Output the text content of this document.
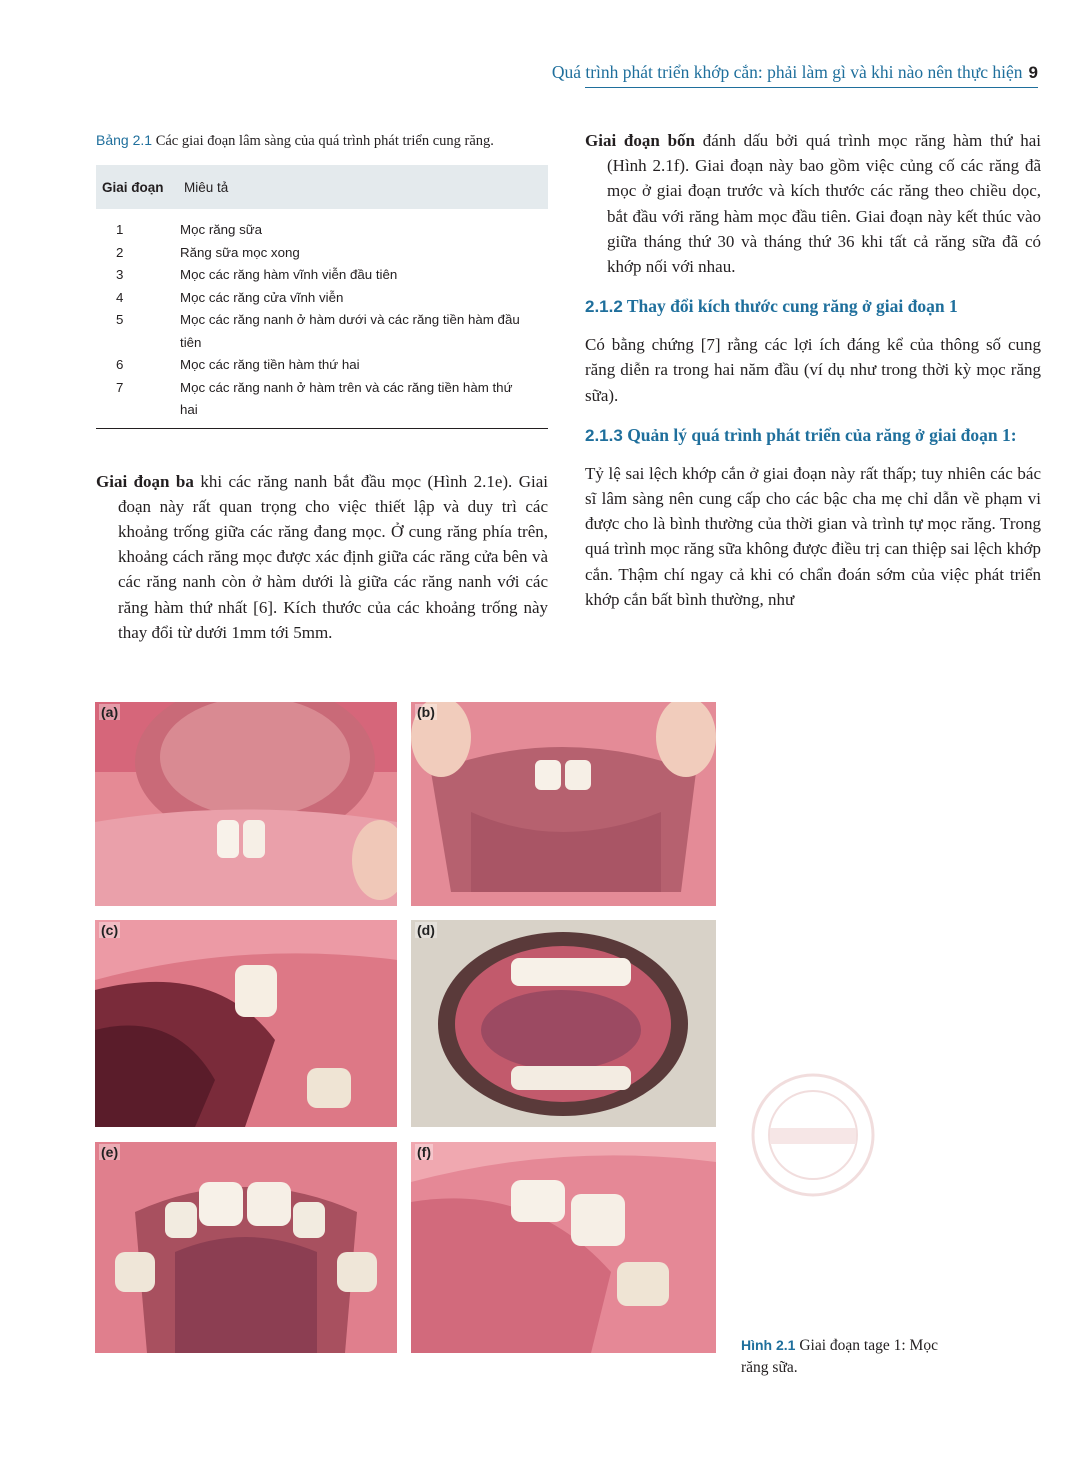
Quá trình phát triển khớp cắn: phải làm gì và khi nào nên thực hiện 9

Bảng 2.1 Các giai đoạn lâm sàng của quá trình phát triển cung răng.

Giai đoạn	Miêu tả
1	Mọc răng sữa
2	Răng sữa mọc xong
3	Mọc các răng hàm vĩnh viễn đầu tiên
4	Mọc các răng cửa vĩnh viễn
5	Mọc các răng nanh ở hàm dưới và các răng tiền hàm đầu tiên
6	Mọc các răng tiền hàm thứ hai
7	Mọc các răng nanh ở hàm trên và các răng tiền hàm thứ hai

Giai đoạn ba khi các răng nanh bắt đầu mọc (Hình 2.1e). Giai đoạn này rất quan trọng cho việc thiết lập và duy trì các khoảng trống giữa các răng đang mọc. Ở cung răng phía trên, khoảng cách răng mọc được xác định giữa các răng cửa bên và các răng nanh còn ở hàm dưới là giữa các răng nanh với các răng hàm thứ nhất [6]. Kích thước của các khoảng trống này thay đổi từ dưới 1mm tới 5mm.

Giai đoạn bốn đánh dấu bởi quá trình mọc răng hàm thứ hai (Hình 2.1f). Giai đoạn này bao gồm việc củng cố các răng đã mọc ở giai đoạn trước và kích thước các răng theo chiều dọc, bắt đầu với răng hàm mọc đầu tiên. Giai đoạn này kết thúc vào giữa tháng thứ 30 và tháng thứ 36 khi tất cả răng sữa đã có khớp nối với nhau.

2.1.2 Thay đổi kích thước cung răng ở giai đoạn 1

Có bằng chứng [7] rằng các lợi ích đáng kể của thông số cung răng diễn ra trong hai năm đầu (ví dụ như trong thời kỳ mọc răng sữa).

2.1.3 Quản lý quá trình phát triển của răng ở giai đoạn 1:

Tỷ lệ sai lệch khớp cắn ở giai đoạn này rất thấp; tuy nhiên các bác sĩ lâm sàng nên cung cấp cho các bậc cha mẹ chỉ dẫn về phạm vi được cho là bình thường của thời gian và trình tự mọc răng. Trong quá trình mọc răng sữa không được điều trị can thiệp sai lệch khớp cắn. Thậm chí ngay cả khi có chẩn đoán sớm của việc phát triển khớp cắn bất bình thường, như

(a)	(b)
(c)	(d)
(e)	(f)

Hình 2.1 Giai đoạn tage 1: Mọc răng sữa.
